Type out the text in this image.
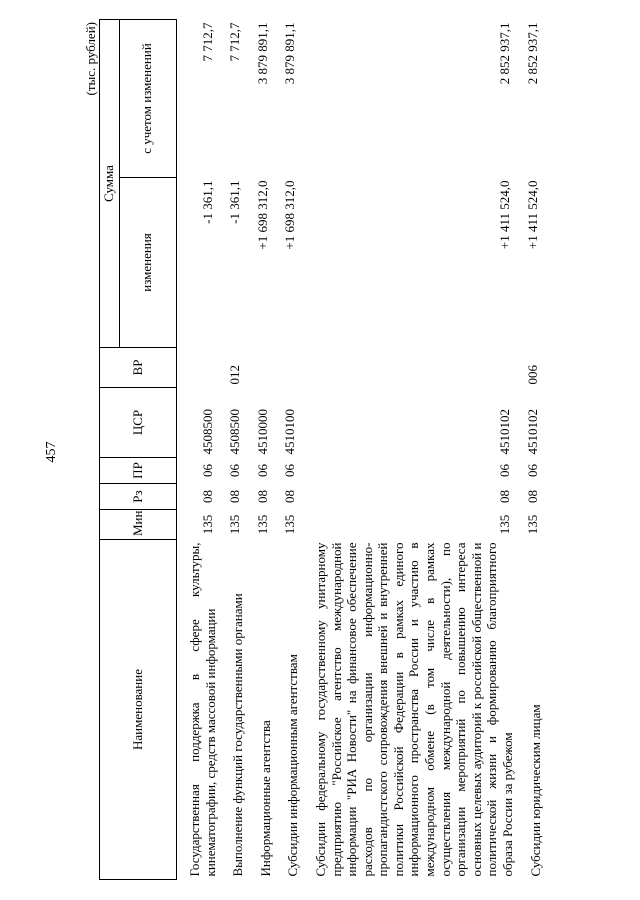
457
(тыс. рублей)
Наименование	Мин	Рз	ПР	ЦСР	ВР	Сумма	
						изменения	с учетом изменений
Государственная поддержка в сфере культуры, кинематографии, средств массовой информации	135	08	06	4508500		-1 361,1	7 712,7
Выполнение функций государственными органами	135	08	06	4508500	012	-1 361,1	7 712,7
Информационные агентства	135	08	06	4510000		+1 698 312,0	3 879 891,1
Субсидии информационным агентствам	135	08	06	4510100		+1 698 312,0	3 879 891,1
Субсидии федеральному государственному унитарному предприятию "Российское агентство международной информации "РИА Новости" на финансовое обеспечение расходов по организации информационно-пропагандистского сопровождения внешней и внутренней политики Российской Федерации в рамках единого информационного пространства России и участию в международном обмене (в том числе в рамках осуществления международной деятельности), по организации мероприятий по повышению интереса основных целевых аудиторий к российской общественной и политической жизни и формированию благоприятного образа России за рубежом	135	08	06	4510102		+1 411 524,0	2 852 937,1
Субсидии юридическим лицам	135	08	06	4510102	006	+1 411 524,0	2 852 937,1
